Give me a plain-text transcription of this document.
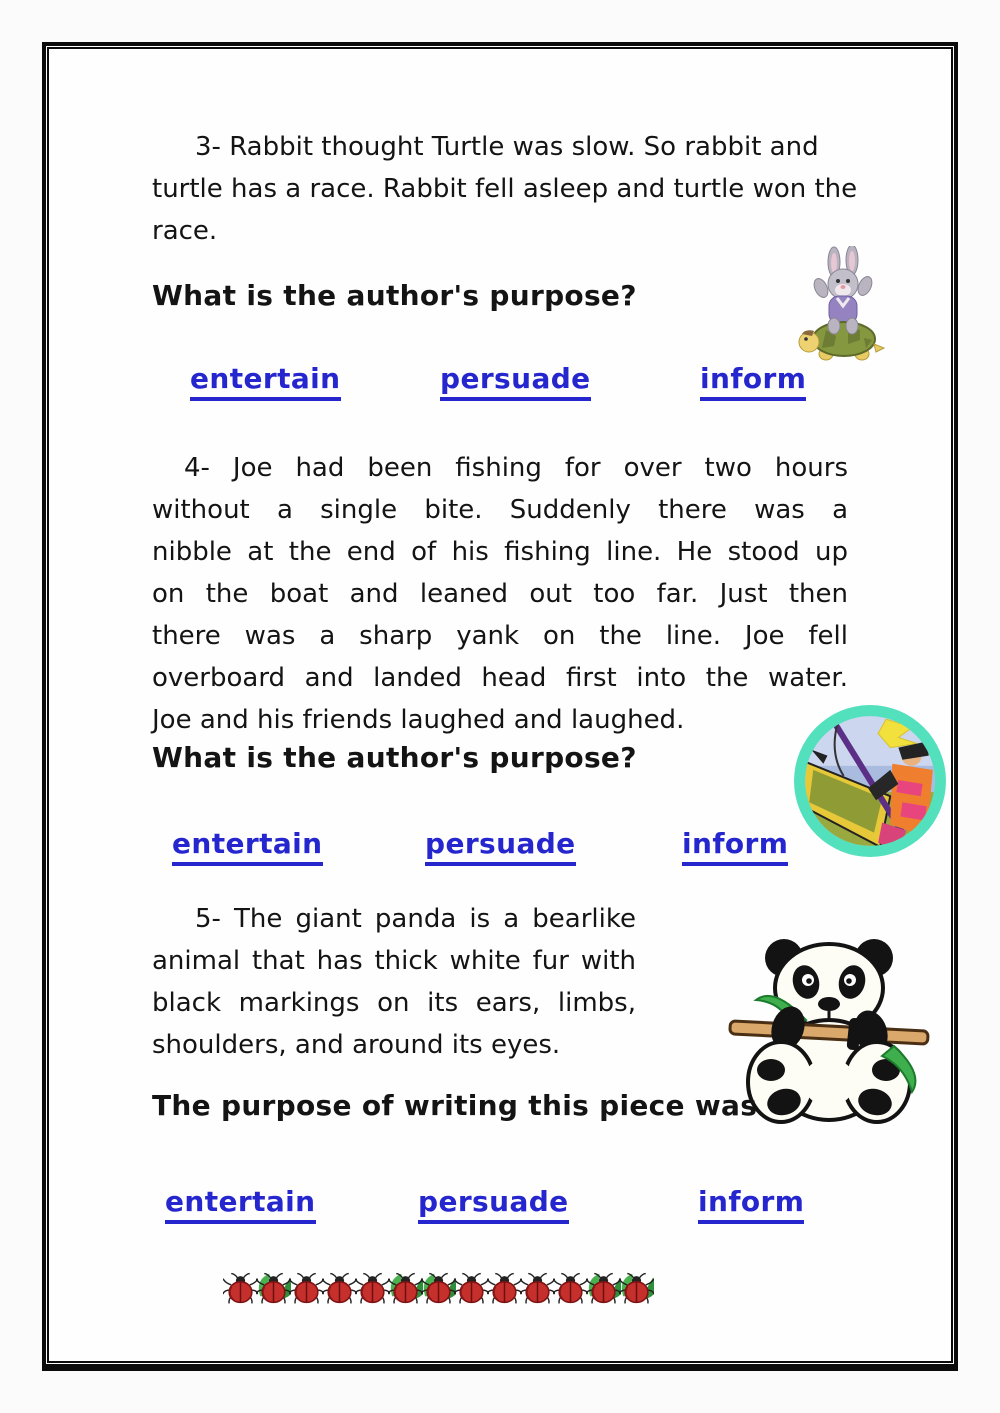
3- Rabbit thought Turtle was slow. So rabbit and
turtle has a race. Rabbit fell asleep and turtle won the
race.
What is the author's purpose?
entertain	persuade	inform
4- Joe had been fishing for over two hours
without a single bite. Suddenly there was a
nibble at the end of his fishing line. He stood up
on the boat and leaned out too far. Just then
there was a sharp yank on the line. Joe fell
overboard and landed head first into the water.
Joe and his friends laughed and laughed.
What is the author's purpose?
entertain	persuade	inform
5- The giant panda is a bearlike
animal that has thick white fur with
black markings on its ears, limbs,
shoulders, and around its eyes.
The purpose of writing this piece was
entertain	persuade	inform
